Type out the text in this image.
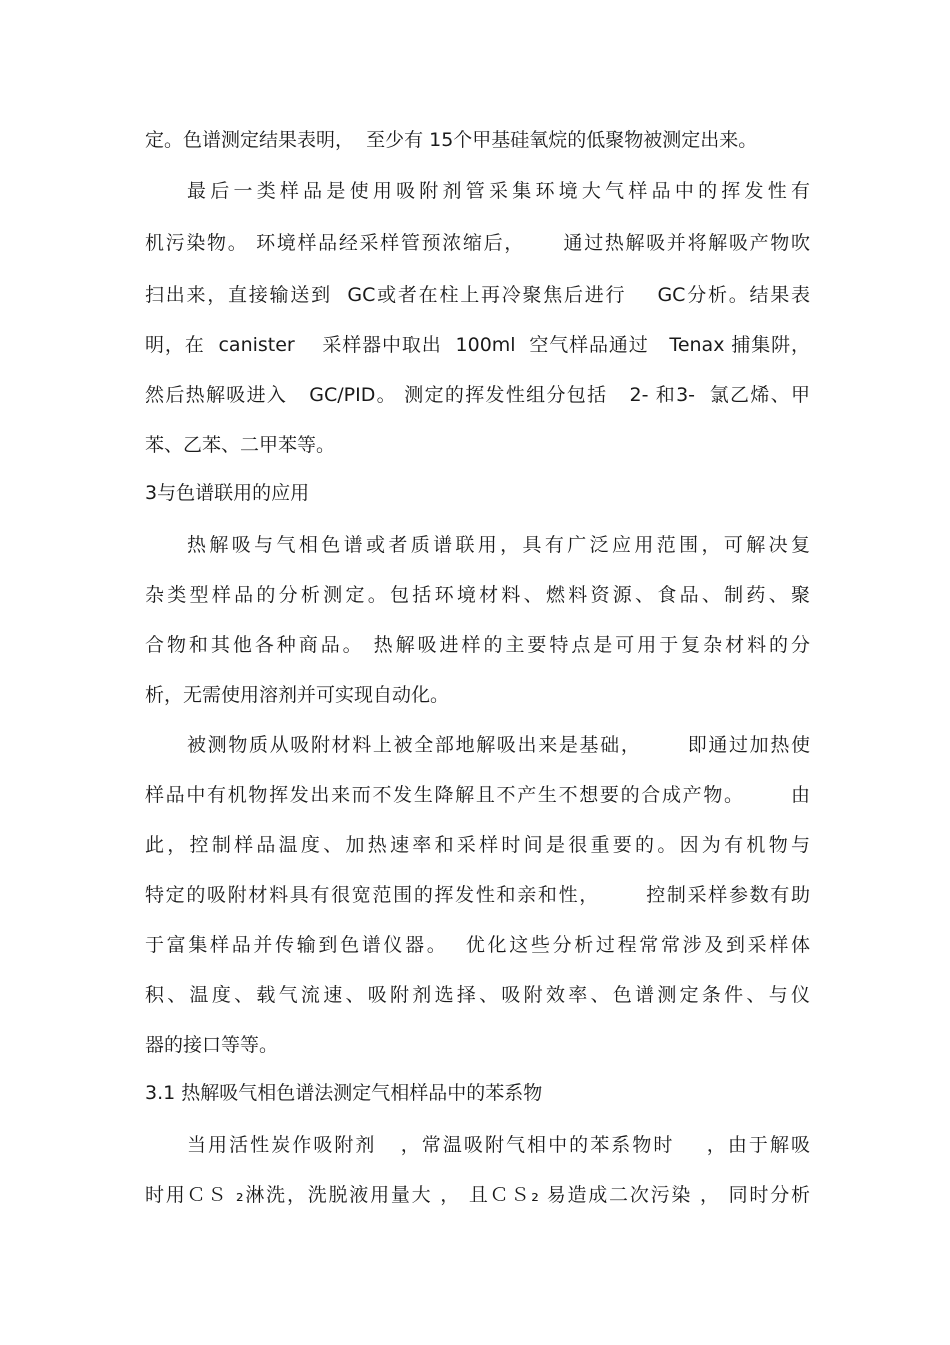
定。色谱测定结果表明，  至少有 15个甲基硅氧烷的低聚物被测定出来。
最后一类样品是使用吸附剂管采集环境大气样品中的挥发性有
机污染物。 环境样品经采样管预浓缩后，     通过热解吸并将解吸产物吹
扫出来，直接输送到  GC或者在柱上再冷聚焦后进行    GC分析。结果表
明，在  canister    采样器中取出  100ml  空气样品通过   Tenax 捕集阱，
然后热解吸进入   GC/PID。 测定的挥发性组分包括   2- 和3-  氯乙烯、甲
苯、乙苯、二甲苯等。
3与色谱联用的应用
热解吸与气相色谱或者质谱联用，具有广泛应用范围，可解决复
杂类型样品的分析测定。包括环境材料、燃料资源、食品、制药、聚
合物和其他各种商品。 热解吸进样的主要特点是可用于复杂材料的分
析，无需使用溶剂并可实现自动化。
被测物质从吸附材料上被全部地解吸出来是基础，      即通过加热使
样品中有机物挥发出来而不发生降解且不产生不想要的合成产物。      由
此，控制样品温度、加热速率和采样时间是很重要的。因为有机物与
特定的吸附材料具有很宽范围的挥发性和亲和性，      控制采样参数有助
于富集样品并传输到色谱仪器。  优化这些分析过程常常涉及到采样体
积、温度、载气流速、吸附剂选择、吸附效率、色谱测定条件、与仪
器的接口等等。
3.1 热解吸气相色谱法测定气相样品中的苯系物
当用活性炭作吸附剂   ，常温吸附气相中的苯系物时    ，由于解吸
时用ＣＳ ₂淋洗，洗脱液用量大 ， 且ＣＳ₂ 易造成二次污染 ， 同时分析
